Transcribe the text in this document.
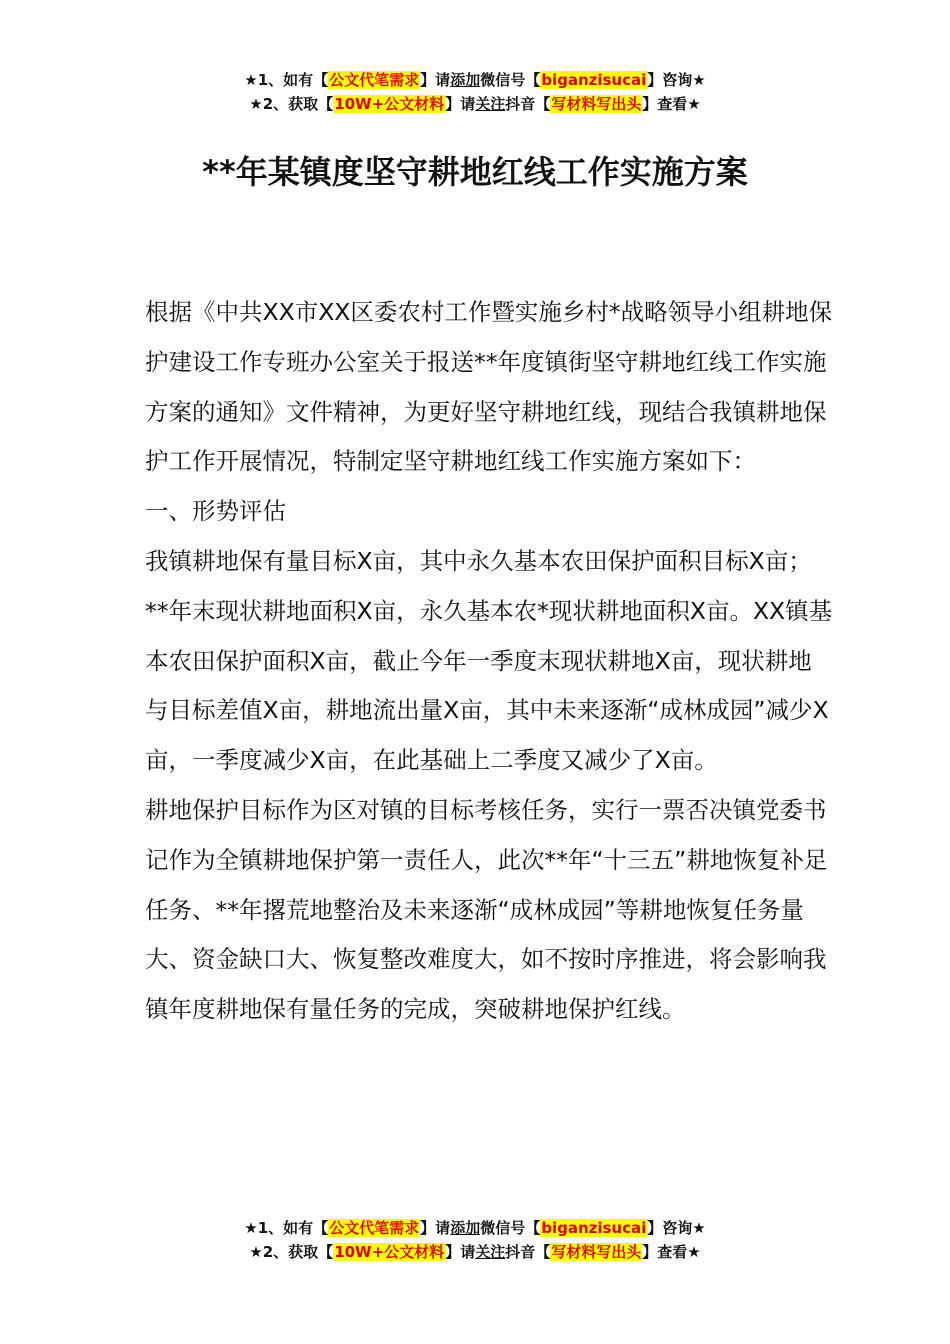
★1、如有【公文代笔需求】请添加微信号【biganzisucai】咨询★
★2、获取【10W+公文材料】请关注抖音【写材料写出头】查看★
**年某镇度坚守耕地红线工作实施方案

根据《中共XX市XX区委农村工作暨实施乡村*战略领导小组耕地保护建设工作专班办公室关于报送**年度镇街坚守耕地红线工作实施方案的通知》文件精神，为更好坚守耕地红线，现结合我镇耕地保护工作开展情况，特制定坚守耕地红线工作实施方案如下：

一、形势评估

我镇耕地保有量目标X亩，其中永久基本农田保护面积目标X亩；**年末现状耕地面积X亩，永久基本农*现状耕地面积X亩。XX镇基本农田保护面积X亩，截止今年一季度末现状耕地X亩，现状耕地与目标差值X亩，耕地流出量X亩，其中未来逐渐“成林成园”减少X亩，一季度减少X亩，在此基础上二季度又减少了X亩。

耕地保护目标作为区对镇的目标考核任务，实行一票否决镇党委书记作为全镇耕地保护第一责任人，此次**年“十三五”耕地恢复补足任务、**年撂荒地整治及未来逐渐“成林成园”等耕地恢复任务量大、资金缺口大、恢复整改难度大，如不按时序推进，将会影响我镇年度耕地保有量任务的完成，突破耕地保护红线。

★1、如有【公文代笔需求】请添加微信号【biganzisucai】咨询★
★2、获取【10W+公文材料】请关注抖音【写材料写出头】查看★
